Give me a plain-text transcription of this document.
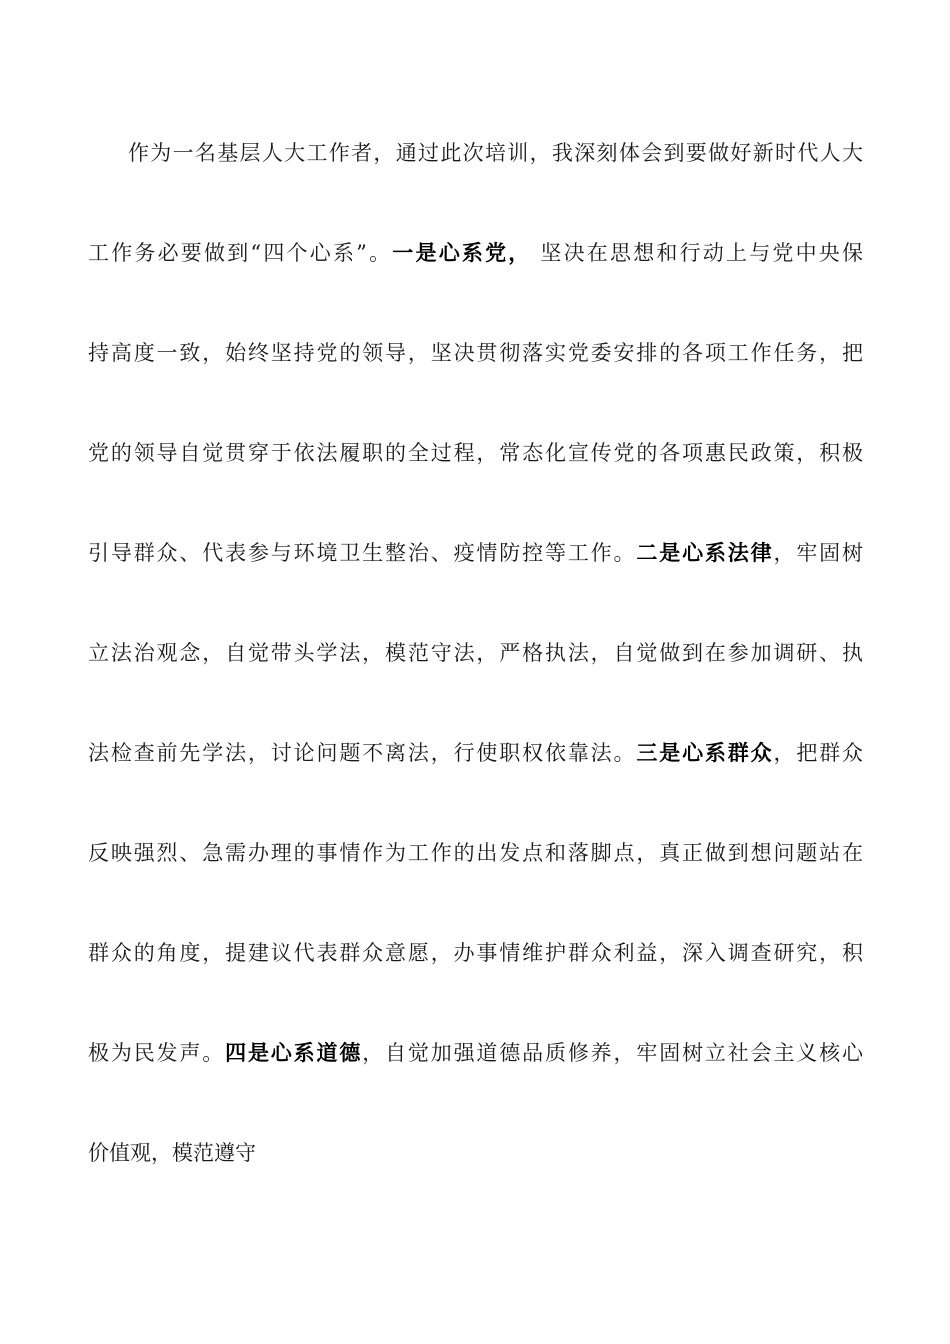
作为一名基层人大工作者，通过此次培训，我深刻体会到要做好新时代人大
工作务必要做到“四个心系”。一是心系党， 坚决在思想和行动上与党中央保
持高度一致，始终坚持党的领导，坚决贯彻落实党委安排的各项工作任务，把
党的领导自觉贯穿于依法履职的全过程，常态化宣传党的各项惠民政策，积极
引导群众、代表参与环境卫生整治、疫情防控等工作。二是心系法律，牢固树
立法治观念，自觉带头学法，模范守法，严格执法，自觉做到在参加调研、执
法检查前先学法，讨论问题不离法，行使职权依靠法。三是心系群众，把群众
反映强烈、急需办理的事情作为工作的出发点和落脚点，真正做到想问题站在
群众的角度，提建议代表群众意愿，办事情维护群众利益，深入调查研究，积
极为民发声。四是心系道德，自觉加强道德品质修养，牢固树立社会主义核心
价值观，模范遵守
